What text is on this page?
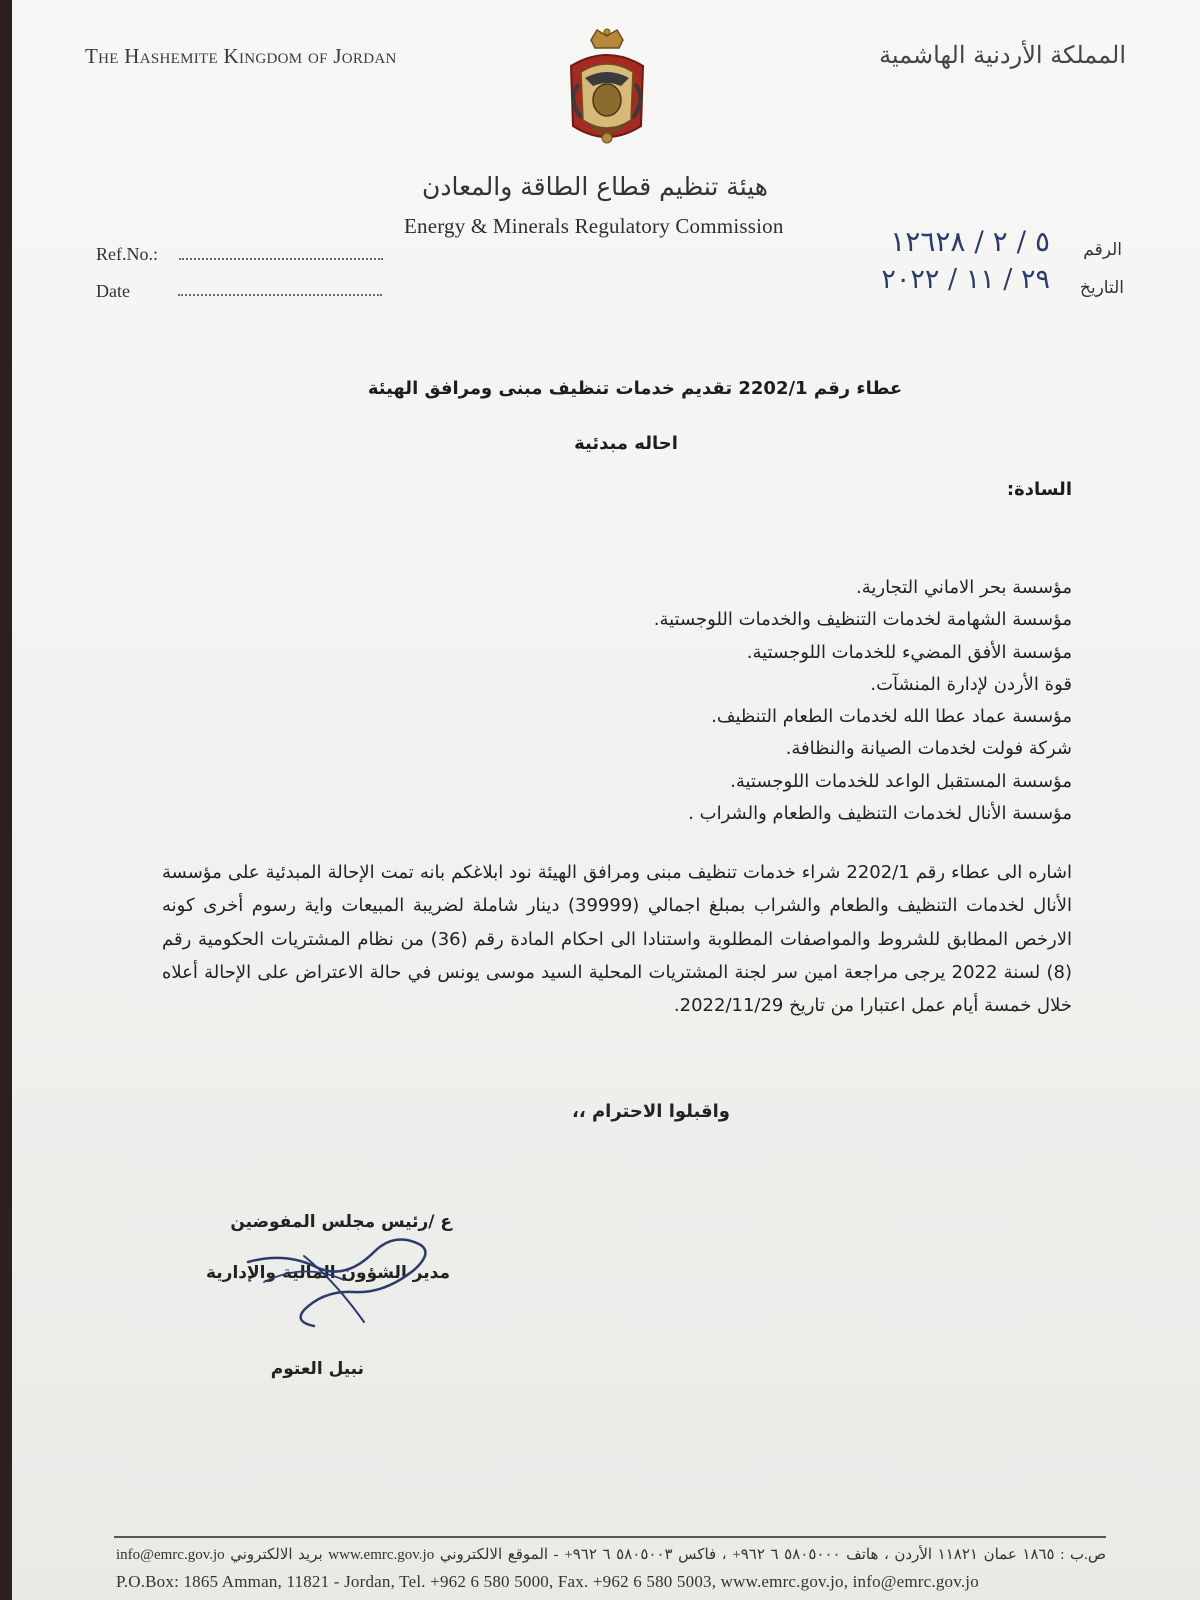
The Hashemite Kingdom of Jordan	المملكة الأردنية الهاشمية
هيئة تنظيم قطاع الطاقة والمعادن
Energy & Minerals Regulatory Commission
Ref.No.:
Date
الرقم
التاريخ
٥ / ٢ / ١٢٦٢٨
٢٩ / ١١ / ٢٠٢٢
عطاء رقم 2202/1 تقديم خدمات تنظيف مبنى ومرافق الهيئة
احاله مبدئية
السادة:
مؤسسة بحر الاماني التجارية.
مؤسسة الشهامة لخدمات التنظيف والخدمات اللوجستية.
مؤسسة الأفق المضيء للخدمات اللوجستية.
قوة الأردن لإدارة المنشآت.
مؤسسة عماد عطا الله لخدمات الطعام التنظيف.
شركة فولت لخدمات الصيانة والنظافة.
مؤسسة المستقبل الواعد للخدمات اللوجستية.
مؤسسة الأنال لخدمات التنظيف والطعام والشراب .

اشاره الى عطاء رقم 2202/1 شراء خدمات تنظيف مبنى ومرافق الهيئة نود ابلاغكم بانه تمت الإحالة المبدئية على مؤسسة الأنال لخدمات التنظيف والطعام والشراب بمبلغ اجمالي (39999) دينار شاملة لضريبة المبيعات واية رسوم أخرى كونه الارخص المطابق للشروط والمواصفات المطلوبة واستنادا الى احكام المادة رقم (36) من نظام المشتريات الحكومية رقم (8) لسنة 2022 يرجى مراجعة امين سر لجنة المشتريات المحلية السيد موسى يونس في حالة الاعتراض على الإحالة أعلاه خلال خمسة أيام عمل اعتبارا من تاريخ 2022/11/29.

واقبلوا الاحترام ،،
ع /رئيس مجلس المفوضين
مدير الشؤون المالية والإدارية
نبيل العتوم
ص.ب : ١٨٦٥ عمان ١١٨٢١ الأردن ، هاتف ٥٨٠٥٠٠٠ ٦ ٩٦٢+ ، فاكس ٥٨٠٥٠٠٣ ٦ ٩٦٢+ - الموقع الالكتروني www.emrc.gov.jo بريد الالكتروني info@emrc.gov.jo
P.O.Box: 1865 Amman, 11821 - Jordan, Tel. +962 6 580 5000, Fax. +962 6 580 5003, www.emrc.gov.jo, info@emrc.gov.jo
